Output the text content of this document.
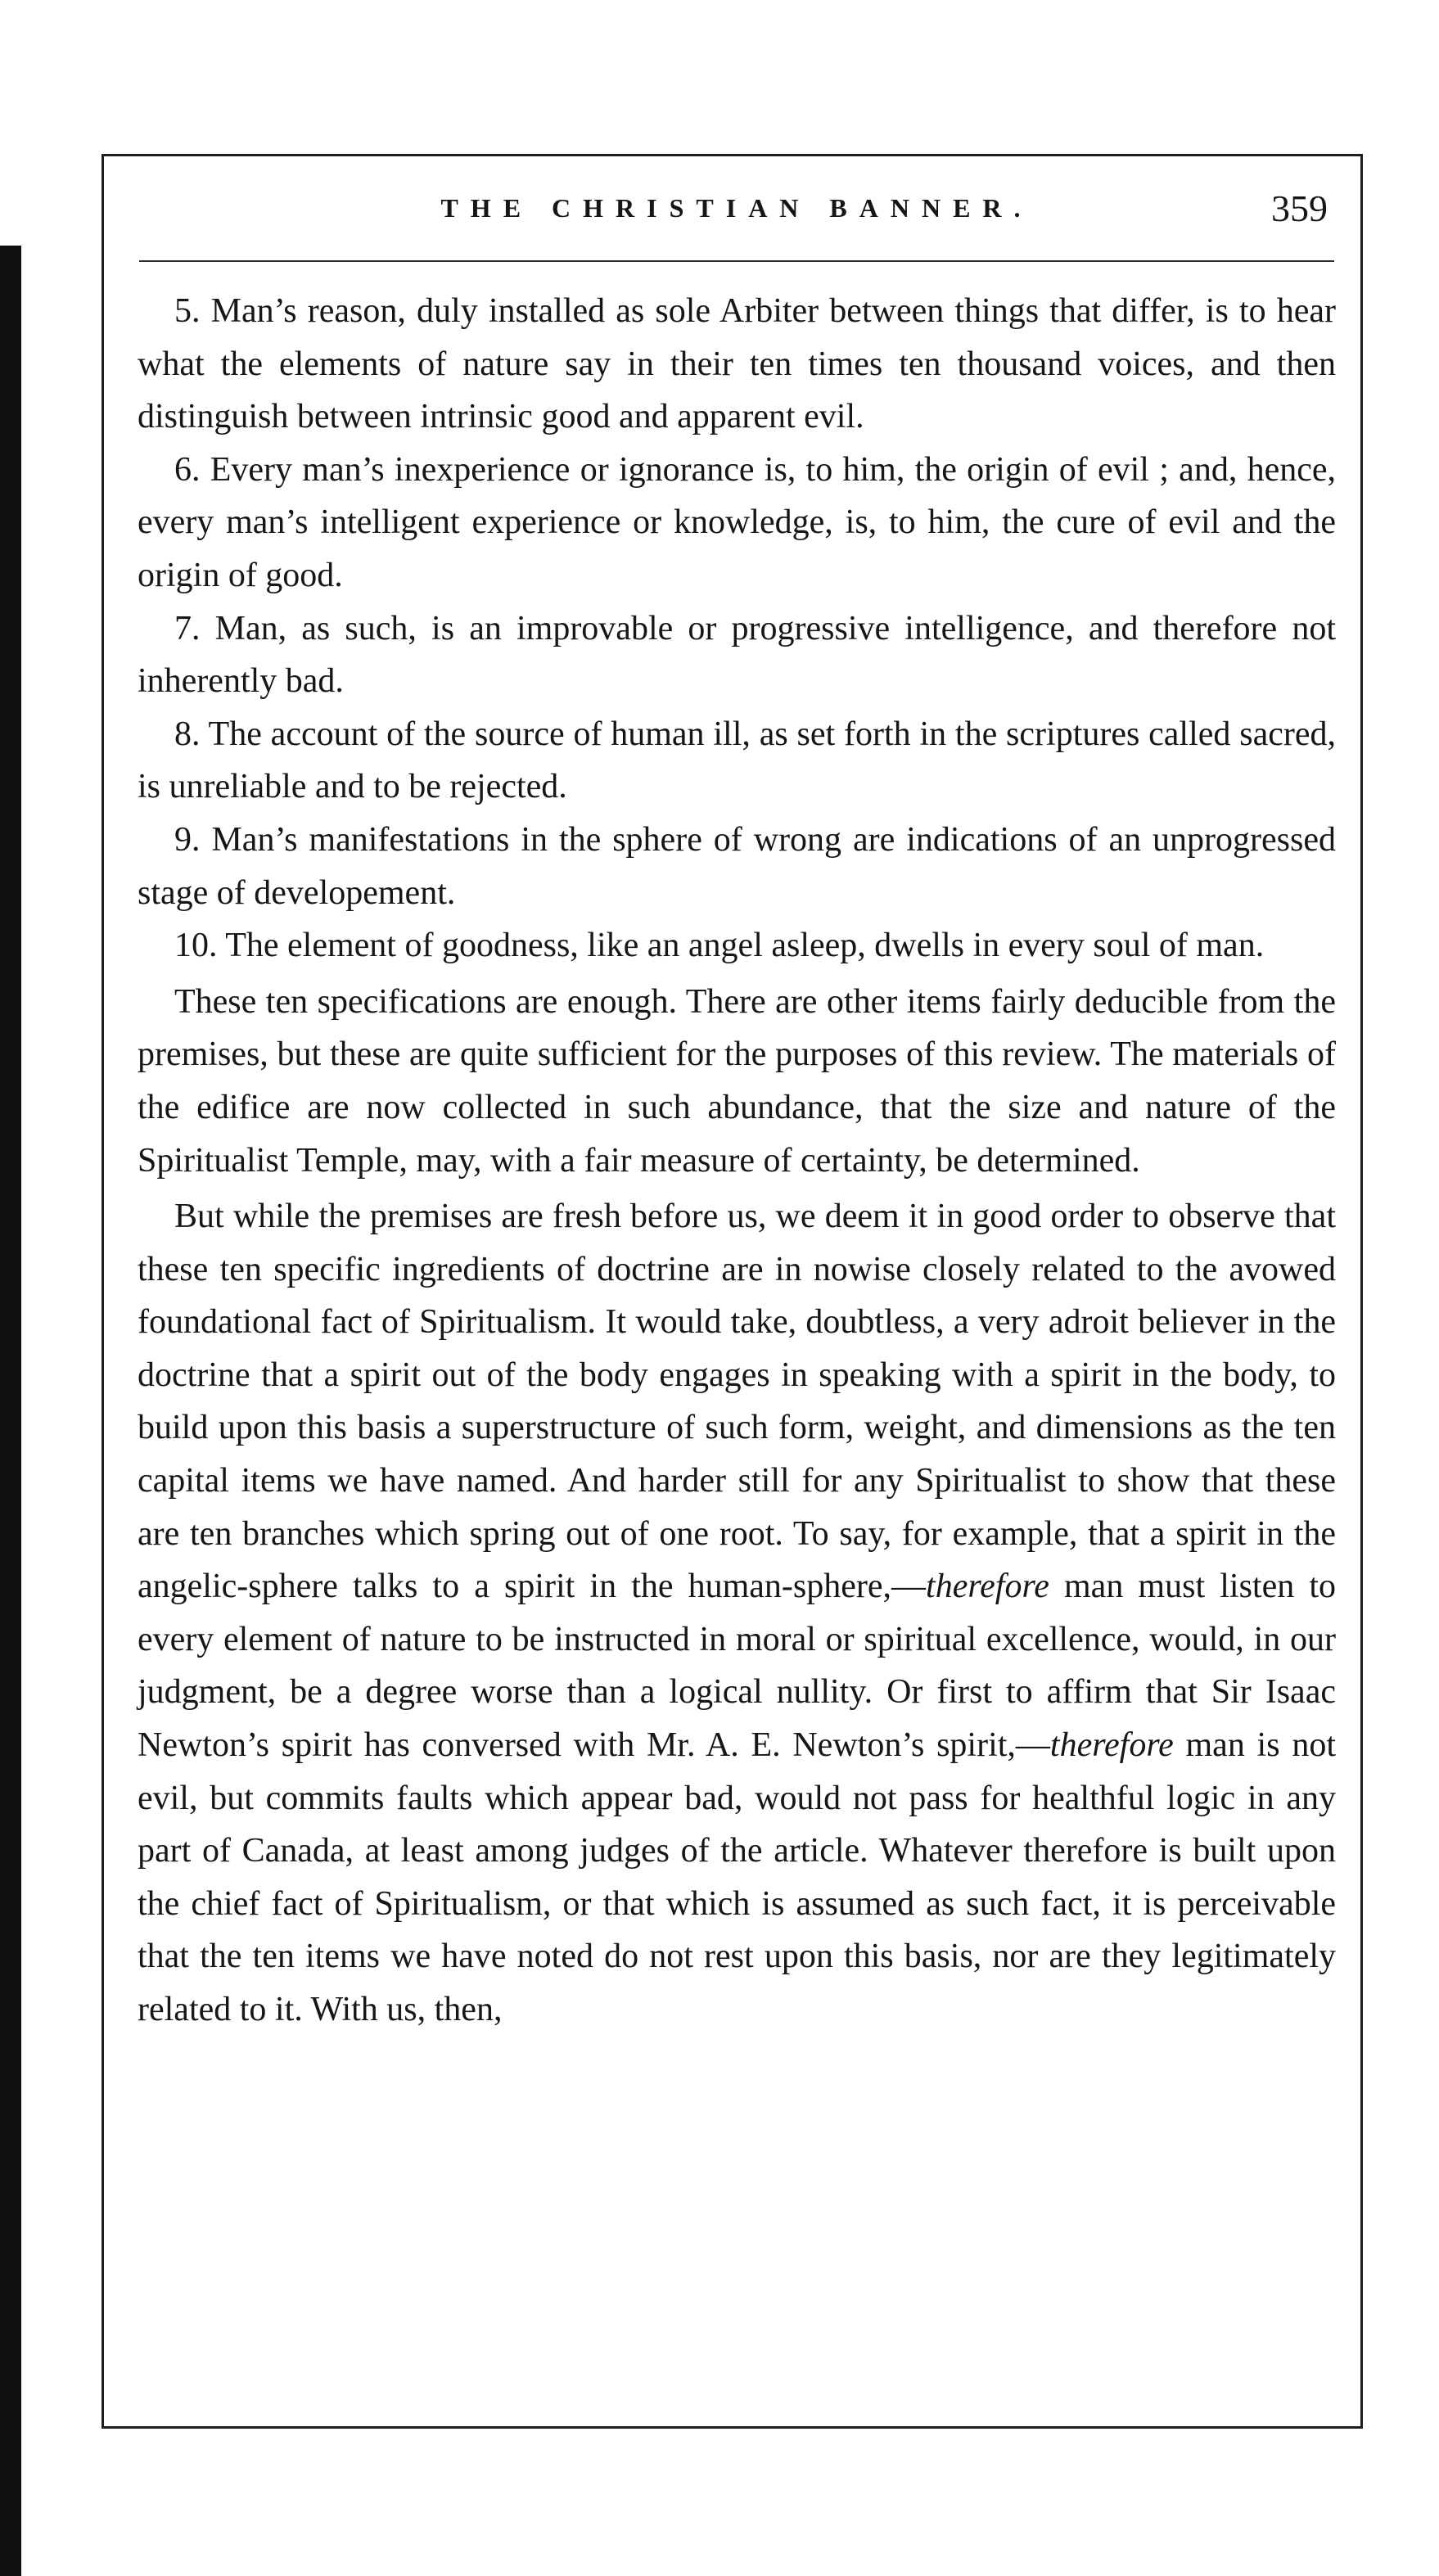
THE CHRISTIAN BANNER.	359

5. Man’s reason, duly installed as sole Arbiter between things that differ, is to hear what the elements of nature say in their ten times ten thousand voices, and then distinguish between intrinsic good and apparent evil.

6. Every man’s inexperience or ignorance is, to him, the origin of evil ; and, hence, every man’s intelligent experience or knowledge, is, to him, the cure of evil and the origin of good.

7. Man, as such, is an improvable or progressive intelligence, and therefore not inherently bad.

8. The account of the source of human ill, as set forth in the scriptures called sacred, is unreliable and to be rejected.

9. Man’s manifestations in the sphere of wrong are indications of an unprogressed stage of developement.

10. The element of goodness, like an angel asleep, dwells in every soul of man.

These ten specifications are enough. There are other items fairly deducible from the premises, but these are quite sufficient for the purposes of this review. The materials of the edifice are now collected in such abundance, that the size and nature of the Spiritualist Temple, may, with a fair measure of certainty, be determined.

But while the premises are fresh before us, we deem it in good order to observe that these ten specific ingredients of doctrine are in nowise closely related to the avowed foundational fact of Spiritualism. It would take, doubtless, a very adroit believer in the doctrine that a spirit out of the body engages in speaking with a spirit in the body, to build upon this basis a superstructure of such form, weight, and dimensions as the ten capital items we have named. And harder still for any Spiritualist to show that these are ten branches which spring out of one root. To say, for example, that a spirit in the angelic-sphere talks to a spirit in the human-sphere,—therefore man must listen to every element of nature to be instructed in moral or spiritual excellence, would, in our judgment, be a degree worse than a logical nullity. Or first to affirm that Sir Isaac Newton’s spirit has conversed with Mr. A. E. Newton’s spirit,—therefore man is not evil, but commits faults which appear bad, would not pass for healthful logic in any part of Canada, at least among judges of the article. Whatever therefore is built upon the chief fact of Spiritualism, or that which is assumed as such fact, it is perceivable that the ten items we have noted do not rest upon this basis, nor are they legitimately related to it. With us, then,
